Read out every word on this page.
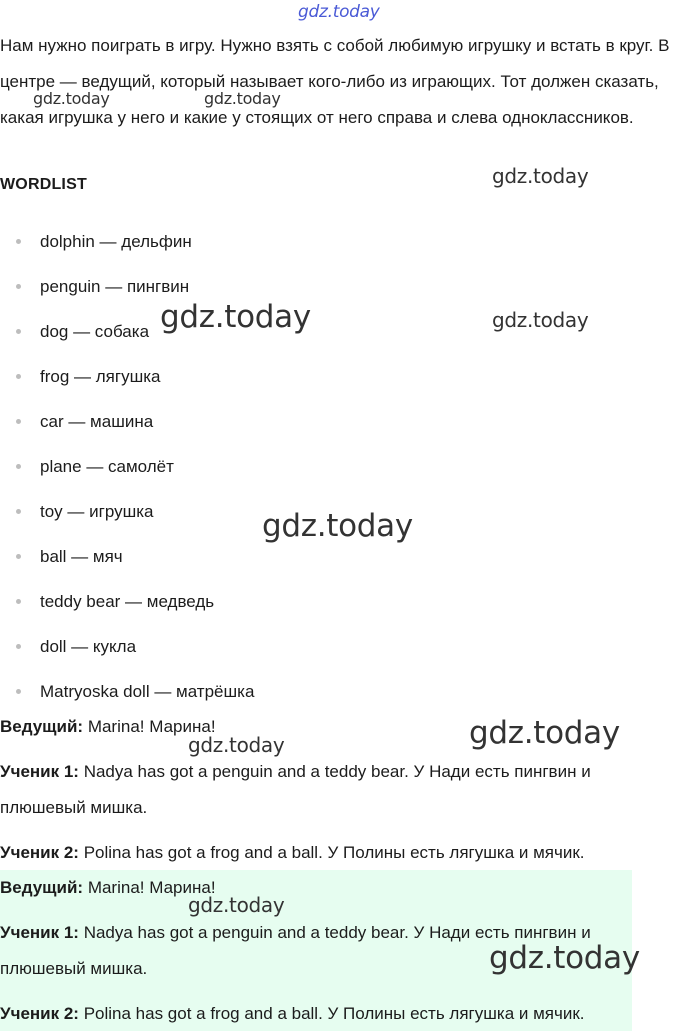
Нам нужно поиграть в игру. Нужно взять с собой любимую игрушку и встать в круг. В центре — ведущий, который называет кого-либо из играющих. Тот должен сказать, какая игрушка у него и какие у стоящих от него справа и слева одноклассников.

WORDLIST
dolphin — дельфин
penguin — пингвин
dog — собака
frog — лягушка
car — машина
plane — самолёт
toy — игрушка
ball — мяч
teddy bear — медведь
doll — кукла
Matryoska doll — матрёшка
Ведущий: Marina! Марина!
Ученик 1: Nadya has got a penguin and a teddy bear. У Нади есть пингвин и плюшевый мишка.
Ученик 2: Polina has got a frog and a ball. У Полины есть лягушка и мячик.
Ведущий: Marina! Марина!
Ученик 1: Nadya has got a penguin and a teddy bear. У Нади есть пингвин и плюшевый мишка.
Ученик 2: Polina has got a frog and a ball. У Полины есть лягушка и мячик.
gdz.today
gdz.today	gdz.today
gdz.today
gdz.today	gdz.today
gdz.today
gdz.today
gdz.today
gdz.today
gdz.today
